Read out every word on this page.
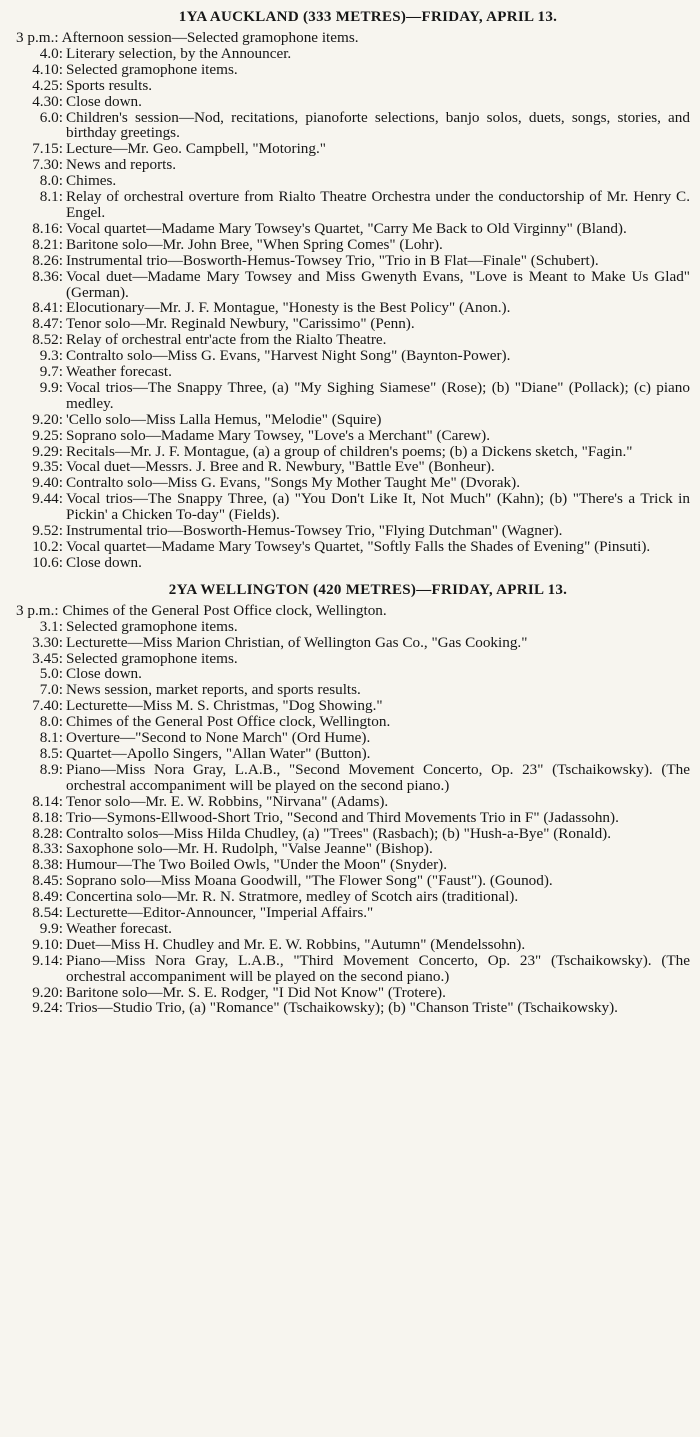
1YA AUCKLAND (333 METRES)—FRIDAY, APRIL 13.
3 p.m.: Afternoon session—Selected gramophone items.
4.0: Literary selection, by the Announcer.
4.10: Selected gramophone items.
4.25: Sports results.
4.30: Close down.
6.0: Children's session—Nod, recitations, pianoforte selections, banjo solos, duets, songs, stories, and birthday greetings.
7.15: Lecture—Mr. Geo. Campbell, "Motoring."
7.30: News and reports.
8.0: Chimes.
8.1: Relay of orchestral overture from Rialto Theatre Orchestra under the conductorship of Mr. Henry C. Engel.
8.16: Vocal quartet—Madame Mary Towsey's Quartet, "Carry Me Back to Old Virginny" (Bland).
8.21: Baritone solo—Mr. John Bree, "When Spring Comes" (Lohr).
8.26: Instrumental trio—Bosworth-Hemus-Towsey Trio, "Trio in B Flat—Finale" (Schubert).
8.36: Vocal duet—Madame Mary Towsey and Miss Gwenyth Evans, "Love is Meant to Make Us Glad" (German).
8.41: Elocutionary—Mr. J. F. Montague, "Honesty is the Best Policy" (Anon.).
8.47: Tenor solo—Mr. Reginald Newbury, "Carissimo" (Penn).
8.52: Relay of orchestral entr'acte from the Rialto Theatre.
9.3: Contralto solo—Miss G. Evans, "Harvest Night Song" (Baynton-Power).
9.7: Weather forecast.
9.9: Vocal trios—The Snappy Three, (a) "My Sighing Siamese" (Rose); (b) "Diane" (Pollack); (c) piano medley.
9.20: 'Cello solo—Miss Lalla Hemus, "Melodie" (Squire)
9.25: Soprano solo—Madame Mary Towsey, "Love's a Merchant" (Carew).
9.29: Recitals—Mr. J. F. Montague, (a) a group of children's poems; (b) a Dickens sketch, "Fagin."
9.35: Vocal duet—Messrs. J. Bree and R. Newbury, "Battle Eve" (Bonheur).
9.40: Contralto solo—Miss G. Evans, "Songs My Mother Taught Me" (Dvorak).
9.44: Vocal trios—The Snappy Three, (a) "You Don't Like It, Not Much" (Kahn); (b) "There's a Trick in Pickin' a Chicken To-day" (Fields).
9.52: Instrumental trio—Bosworth-Hemus-Towsey Trio, "Flying Dutchman" (Wagner).
10.2: Vocal quartet—Madame Mary Towsey's Quartet, "Softly Falls the Shades of Evening" (Pinsuti).
10.6: Close down.
2YA WELLINGTON (420 METRES)—FRIDAY, APRIL 13.
3 p.m.: Chimes of the General Post Office clock, Wellington.
3.1: Selected gramophone items.
3.30: Lecturette—Miss Marion Christian, of Wellington Gas Co., "Gas Cooking."
3.45: Selected gramophone items.
5.0: Close down.
7.0: News session, market reports, and sports results.
7.40: Lecturette—Miss M. S. Christmas, "Dog Showing."
8.0: Chimes of the General Post Office clock, Wellington.
8.1: Overture—"Second to None March" (Ord Hume).
8.5: Quartet—Apollo Singers, "Allan Water" (Button).
8.9: Piano—Miss Nora Gray, L.A.B., "Second Movement Concerto, Op. 23" (Tschaikowsky). (The orchestral accompaniment will be played on the second piano.)
8.14: Tenor solo—Mr. E. W. Robbins, "Nirvana" (Adams).
8.18: Trio—Symons-Ellwood-Short Trio, "Second and Third Movements Trio in F" (Jadassohn).
8.28: Contralto solos—Miss Hilda Chudley, (a) "Trees" (Rasbach); (b) "Hush-a-Bye" (Ronald).
8.33: Saxophone solo—Mr. H. Rudolph, "Valse Jeanne" (Bishop).
8.38: Humour—The Two Boiled Owls, "Under the Moon" (Snyder).
8.45: Soprano solo—Miss Moana Goodwill, "The Flower Song" ("Faust"). (Gounod).
8.49: Concertina solo—Mr. R. N. Stratmore, medley of Scotch airs (traditional).
8.54: Lecturette—Editor-Announcer, "Imperial Affairs."
9.9: Weather forecast.
9.10: Duet—Miss H. Chudley and Mr. E. W. Robbins, "Autumn" (Mendelssohn).
9.14: Piano—Miss Nora Gray, L.A.B., "Third Movement Concerto, Op. 23" (Tschaikowsky). (The orchestral accompaniment will be played on the second piano.)
9.20: Baritone solo—Mr. S. E. Rodger, "I Did Not Know" (Trotere).
9.24: Trios—Studio Trio, (a) "Romance" (Tschaikowsky); (b) "Chanson Triste" (Tschaikowsky).
